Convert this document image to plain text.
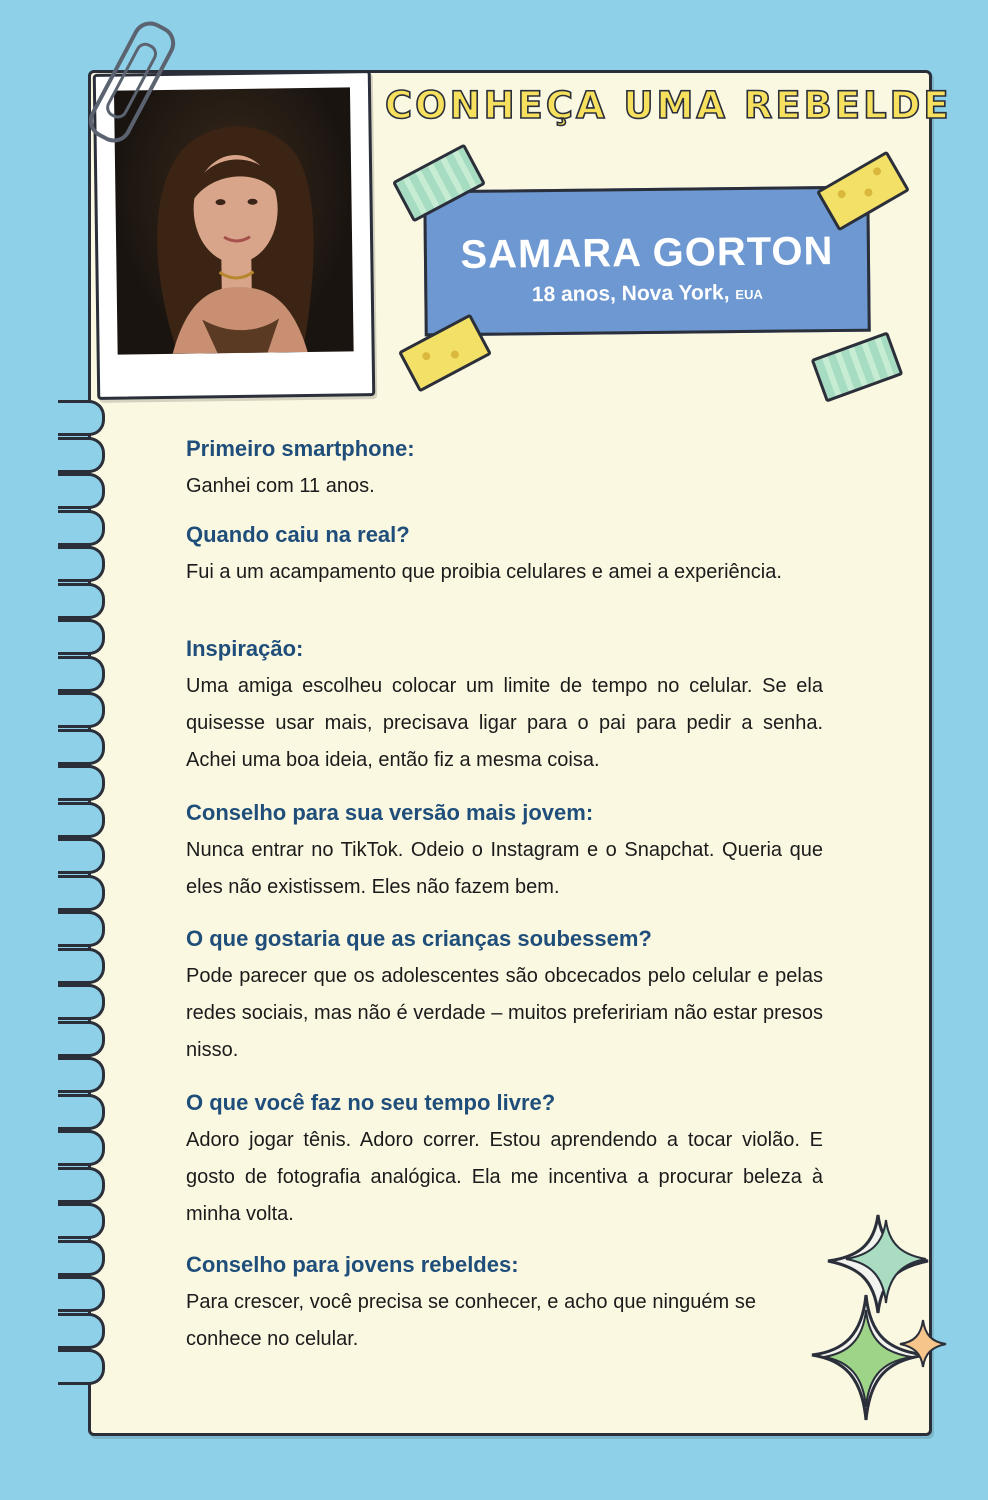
CONHEÇA UMA REBELDE
SAMARA GORTON
18 anos, Nova York, EUA

Primeiro smartphone:

Ganhei com 11 anos.

Quando caiu na real?

Fui a um acampamento que proibia celulares e amei a experiência.

Inspiração:

Uma amiga escolheu colocar um limite de tempo no celular. Se ela quisesse usar mais, precisava ligar para o pai para pedir a senha. Achei uma boa ideia, então fiz a mesma coisa.

Conselho para sua versão mais jovem:

Nunca entrar no TikTok. Odeio o Instagram e o Snapchat. Queria que eles não existissem. Eles não fazem bem.

O que gostaria que as crianças soubessem?

Pode parecer que os adolescentes são obcecados pelo celular e pelas redes sociais, mas não é verdade – muitos prefeririam não estar presos nisso.

O que você faz no seu tempo livre?

Adoro jogar tênis. Adoro correr. Estou aprendendo a tocar violão. E gosto de fotografia analógica. Ela me incentiva a procurar beleza à minha volta.

Conselho para jovens rebeldes:

Para crescer, você precisa se conhecer, e acho que ninguém se conhece no celular.
